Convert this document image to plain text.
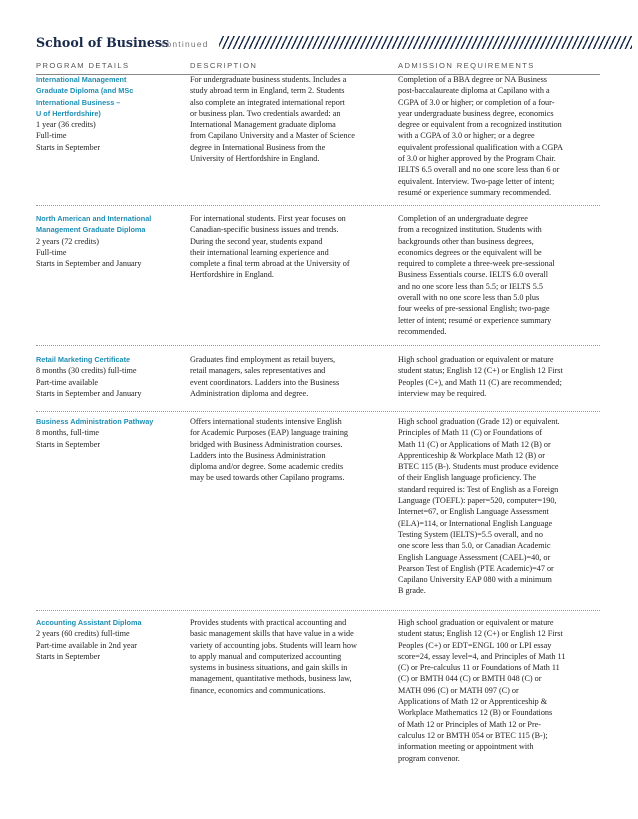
School of Business
continued
PROGRAM DETAILS	DESCRIPTION	ADMISSION REQUIREMENTS
International Management
Graduate Diploma (and MSc
International Business –
U of Hertfordshire)
1 year (36 credits)
Full-time
Starts in September
For undergraduate business students. Includes a
study abroad term in England, term 2. Students
also complete an integrated international report
or business plan. Two credentials awarded: an
International Management graduate diploma
from Capilano University and a Master of Science
degree in International Business from the
University of Hertfordshire in England.
Completion of a BBA degree or NA Business
post-baccalaureate diploma at Capilano with a
CGPA of 3.0 or higher; or completion of a four-
year undergraduate business degree, economics
degree or equivalent from a recognized institution
with a CGPA of 3.0 or higher; or a degree
equivalent professional qualification with a CGPA
of 3.0 or higher approved by the Program Chair.
IELTS 6.5 overall and no one score less than 6 or
equivalent. Interview. Two-page letter of intent;
resumé or experience summary recommended.
North American and International
Management Graduate Diploma
2 years (72 credits)
Full-time
Starts in September and January
For international students. First year focuses on
Canadian-specific business issues and trends.
During the second year, students expand
their international learning experience and
complete a final term abroad at the University of
Hertfordshire in England.
Completion of an undergraduate degree
from a recognized institution. Students with
backgrounds other than business degrees,
economics degrees or the equivalent will be
required to complete a three-week pre-sessional
Business Essentials course. IELTS 6.0 overall
and no one score less than 5.5; or IELTS 5.5
overall with no one score less than 5.0 plus
four weeks of pre-sessional English; two-page
letter of intent; resumé or experience summary
recommended.
Retail Marketing Certificate
8 months (30 credits) full-time
Part-time available
Starts in September and January
Graduates find employment as retail buyers,
retail managers, sales representatives and
event coordinators. Ladders into the Business
Administration diploma and degree.
High school graduation or equivalent or mature
student status; English 12 (C+) or English 12 First
Peoples (C+), and Math 11 (C) are recommended;
interview may be required.
Business Administration Pathway
8 months, full-time
Starts in September
Offers international students intensive English
for Academic Purposes (EAP) language training
bridged with Business Administration courses.
Ladders into the Business Administration
diploma and/or degree. Some academic credits
may be used towards other Capilano programs.
High school graduation (Grade 12) or equivalent.
Principles of Math 11 (C) or Foundations of
Math 11 (C) or Applications of Math 12 (B) or
Apprenticeship & Workplace Math 12 (B) or
BTEC 115 (B-). Students must produce evidence
of their English language proficiency. The
standard required is: Test of English as a Foreign
Language (TOEFL): paper=520, computer=190,
Internet=67, or English Language Assessment
(ELA)=114, or International English Language
Testing System (IELTS)=5.5 overall, and no
one score less than 5.0, or Canadian Academic
English Language Assessment (CAEL)=40, or
Pearson Test of English (PTE Academic)=47 or
Capilano University EAP 080 with a minimum
B grade.
Accounting Assistant Diploma
2 years (60 credits) full-time
Part-time available in 2nd year
Starts in September
Provides students with practical accounting and
basic management skills that have value in a wide
variety of accounting jobs. Students will learn how
to apply manual and computerized accounting
systems in business situations, and gain skills in
management, quantitative methods, business law,
finance, economics and communications.
High school graduation or equivalent or mature
student status; English 12 (C+) or English 12 First
Peoples (C+) or EDT=ENGL 100 or LPI essay
score=24, essay level=4, and Principles of Math 11
(C) or Pre-calculus 11 or Foundations of Math 11
(C) or BMTH 044 (C) or BMTH 048 (C) or
MATH 096 (C) or MATH 097 (C) or
Applications of Math 12 or Apprenticeship &
Workplace Mathematics 12 (B) or Foundations
of Math 12 or Principles of Math 12 or Pre-
calculus 12 or BMTH 054 or BTEC 115 (B-);
information meeting or appointment with
program convenor.
